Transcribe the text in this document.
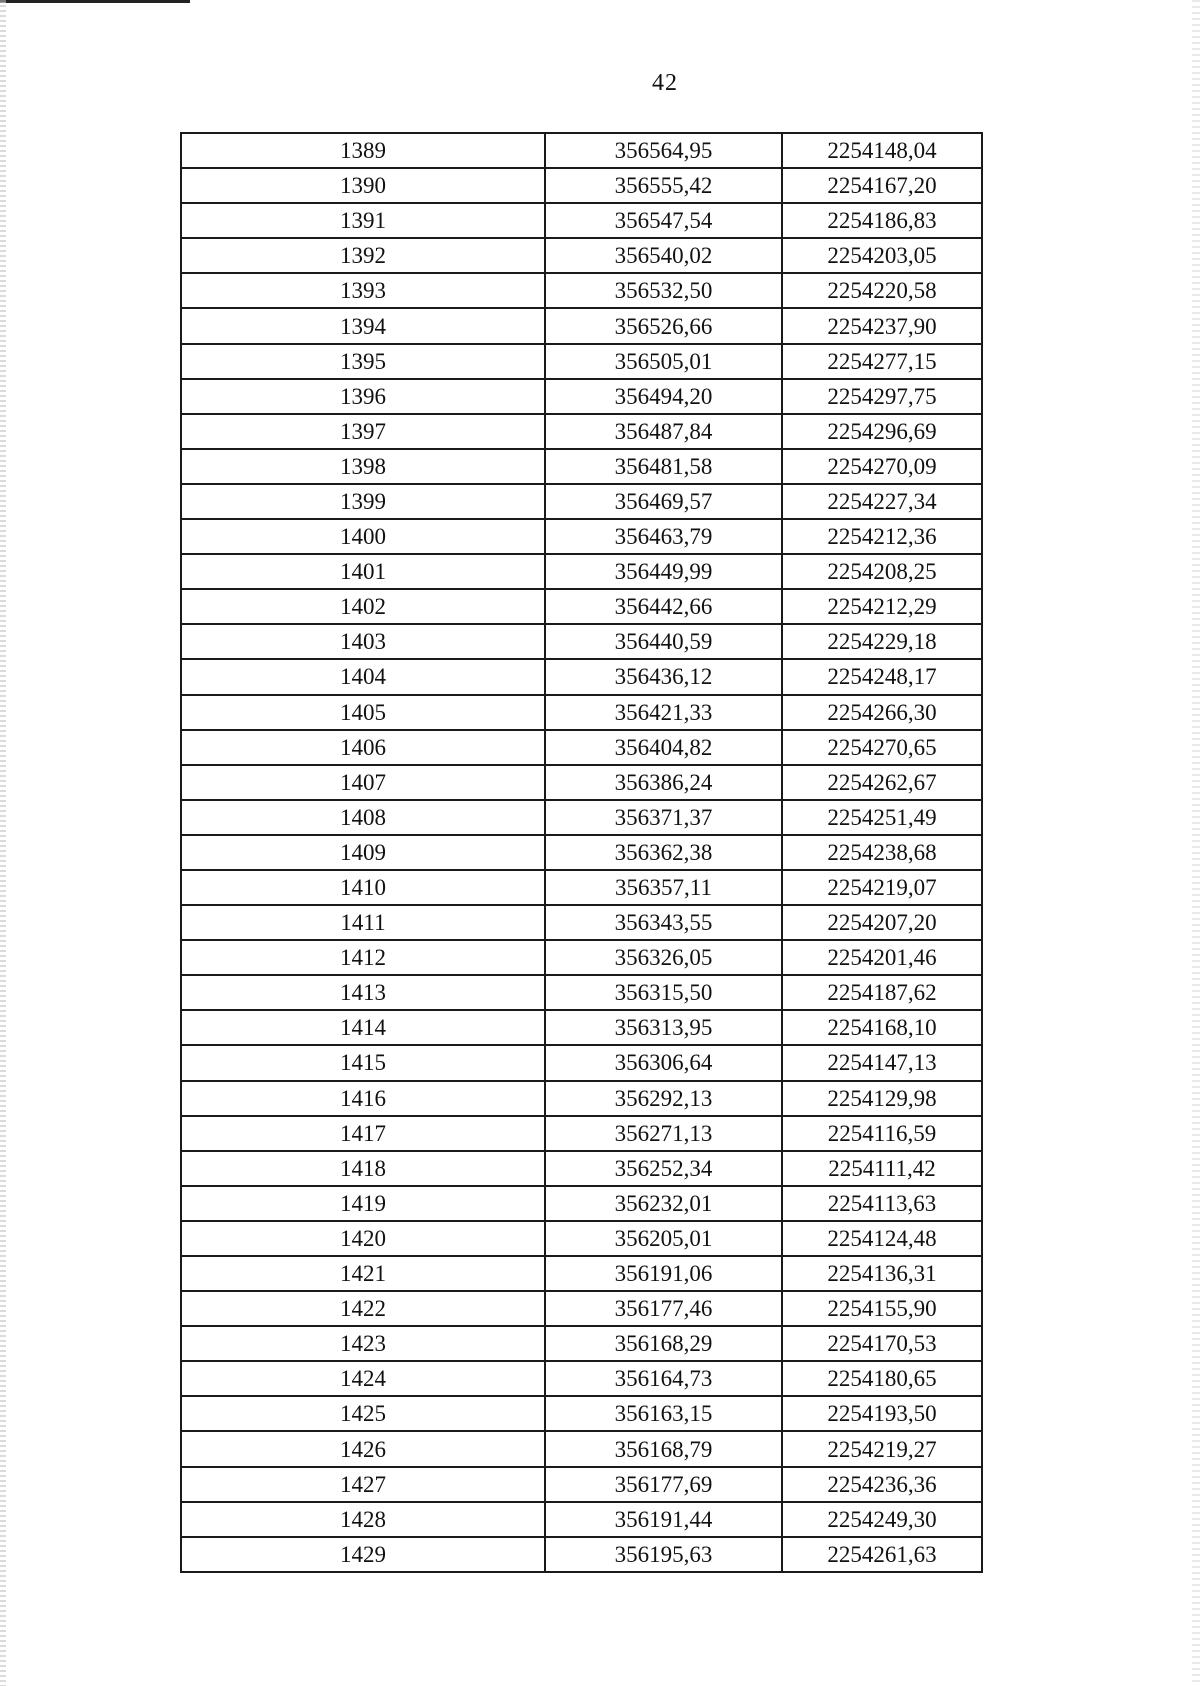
42
1389	356564,95	2254148,04
1390	356555,42	2254167,20
1391	356547,54	2254186,83
1392	356540,02	2254203,05
1393	356532,50	2254220,58
1394	356526,66	2254237,90
1395	356505,01	2254277,15
1396	356494,20	2254297,75
1397	356487,84	2254296,69
1398	356481,58	2254270,09
1399	356469,57	2254227,34
1400	356463,79	2254212,36
1401	356449,99	2254208,25
1402	356442,66	2254212,29
1403	356440,59	2254229,18
1404	356436,12	2254248,17
1405	356421,33	2254266,30
1406	356404,82	2254270,65
1407	356386,24	2254262,67
1408	356371,37	2254251,49
1409	356362,38	2254238,68
1410	356357,11	2254219,07
1411	356343,55	2254207,20
1412	356326,05	2254201,46
1413	356315,50	2254187,62
1414	356313,95	2254168,10
1415	356306,64	2254147,13
1416	356292,13	2254129,98
1417	356271,13	2254116,59
1418	356252,34	2254111,42
1419	356232,01	2254113,63
1420	356205,01	2254124,48
1421	356191,06	2254136,31
1422	356177,46	2254155,90
1423	356168,29	2254170,53
1424	356164,73	2254180,65
1425	356163,15	2254193,50
1426	356168,79	2254219,27
1427	356177,69	2254236,36
1428	356191,44	2254249,30
1429	356195,63	2254261,63
